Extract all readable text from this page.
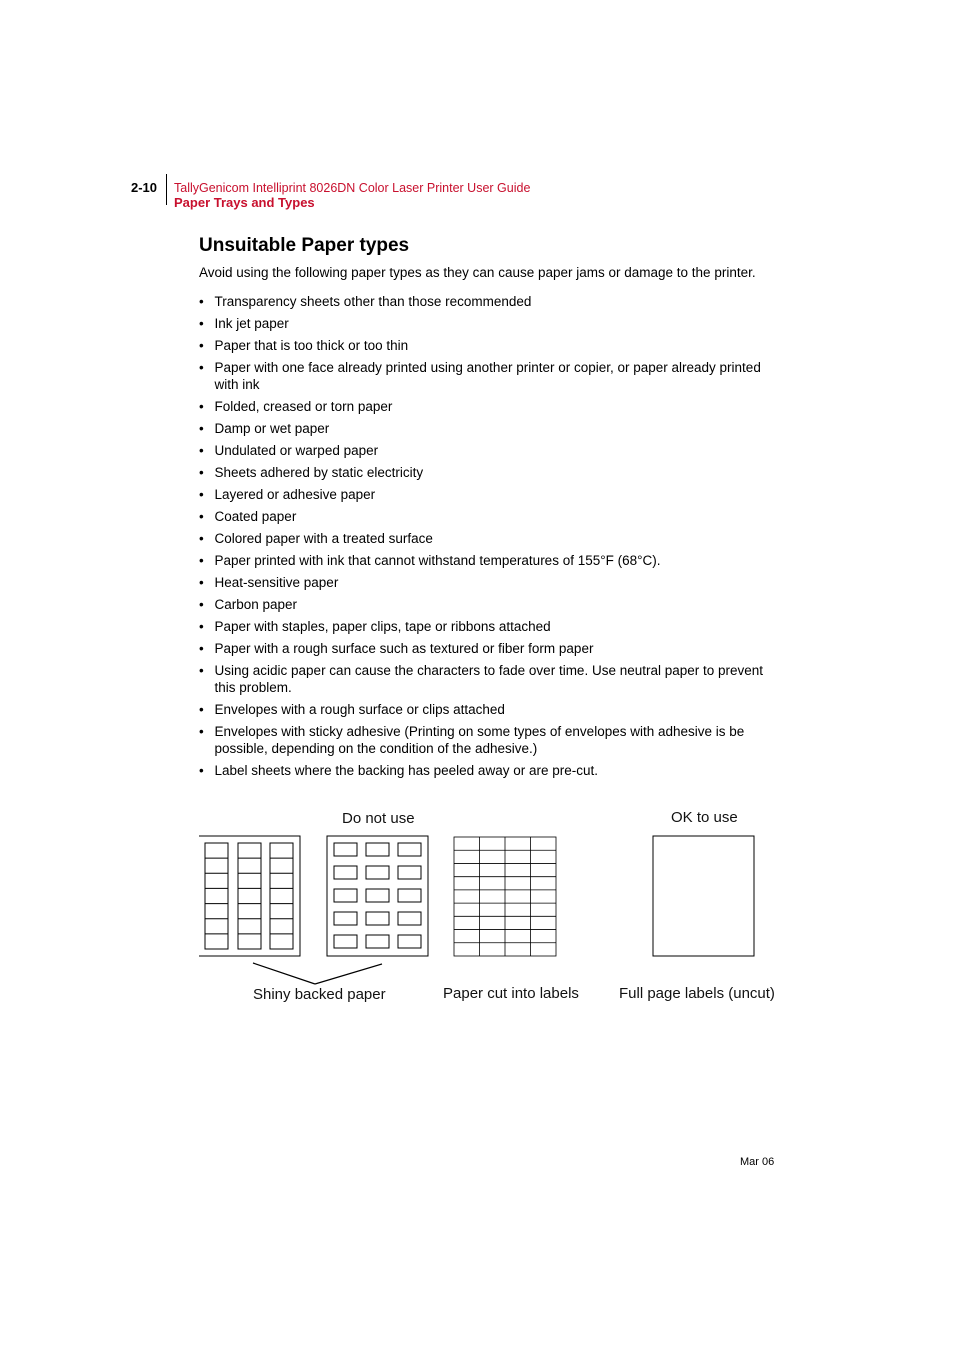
2-10 TallyGenicom Intelliprint 8026DN Color Laser Printer User Guide
Paper Trays and Types
Unsuitable Paper types

Avoid using the following paper types as they can cause paper jams or damage to the printer.

• Transparency sheets other than those recommended
• Ink jet paper
• Paper that is too thick or too thin
• Paper with one face already printed using another printer or copier, or paper already printed with ink
• Folded, creased or torn paper
• Damp or wet paper
• Undulated or warped paper
• Sheets adhered by static electricity
• Layered or adhesive paper
• Coated paper
• Colored paper with a treated surface
• Paper printed with ink that cannot withstand temperatures of 155°F (68°C).
• Heat-sensitive paper
• Carbon paper
• Paper with staples, paper clips, tape or ribbons attached
• Paper with a rough surface such as textured or fiber form paper
• Using acidic paper can cause the characters to fade over time. Use neutral paper to prevent this problem.
• Envelopes with a rough surface or clips attached
• Envelopes with sticky adhesive (Printing on some types of envelopes with adhesive is be possible, depending on the condition of the adhesive.)
• Label sheets where the backing has peeled away or are pre-cut.
Do not use	OK to use
Shiny backed paper	Paper cut into labels	Full page labels (uncut)
Mar 06
